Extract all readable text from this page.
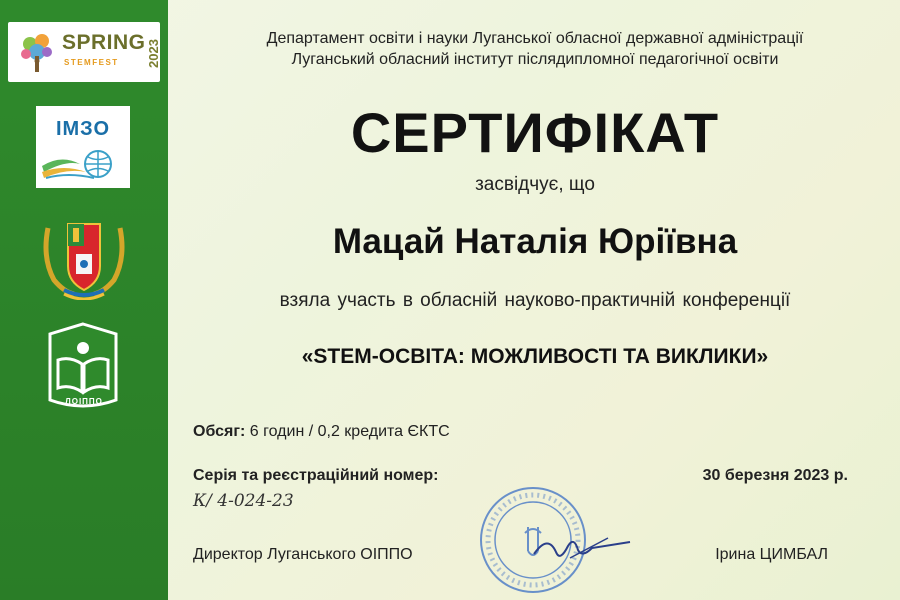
SPRING
STEMFEST 2023
ІМЗО
ЛОІППО
Департамент освіти і науки Луганської обласної державної адміністрації
Луганський обласний інститут післядипломної педагогічної освіти
СЕРТИФІКАТ
засвідчує, що
Мацай Наталія Юріївна
взяла участь в обласній науково-практичній конференції
«STEM-ОСВІТА: МОЖЛИВОСТІ ТА ВИКЛИКИ»
Обсяг: 6 годин / 0,2 кредита ЄКТС
Серія та реєстраційний номер:	30 березня 2023 р.
К/ 4-024-23
Директор Луганського ОІППО	Ірина ЦИМБАЛ
